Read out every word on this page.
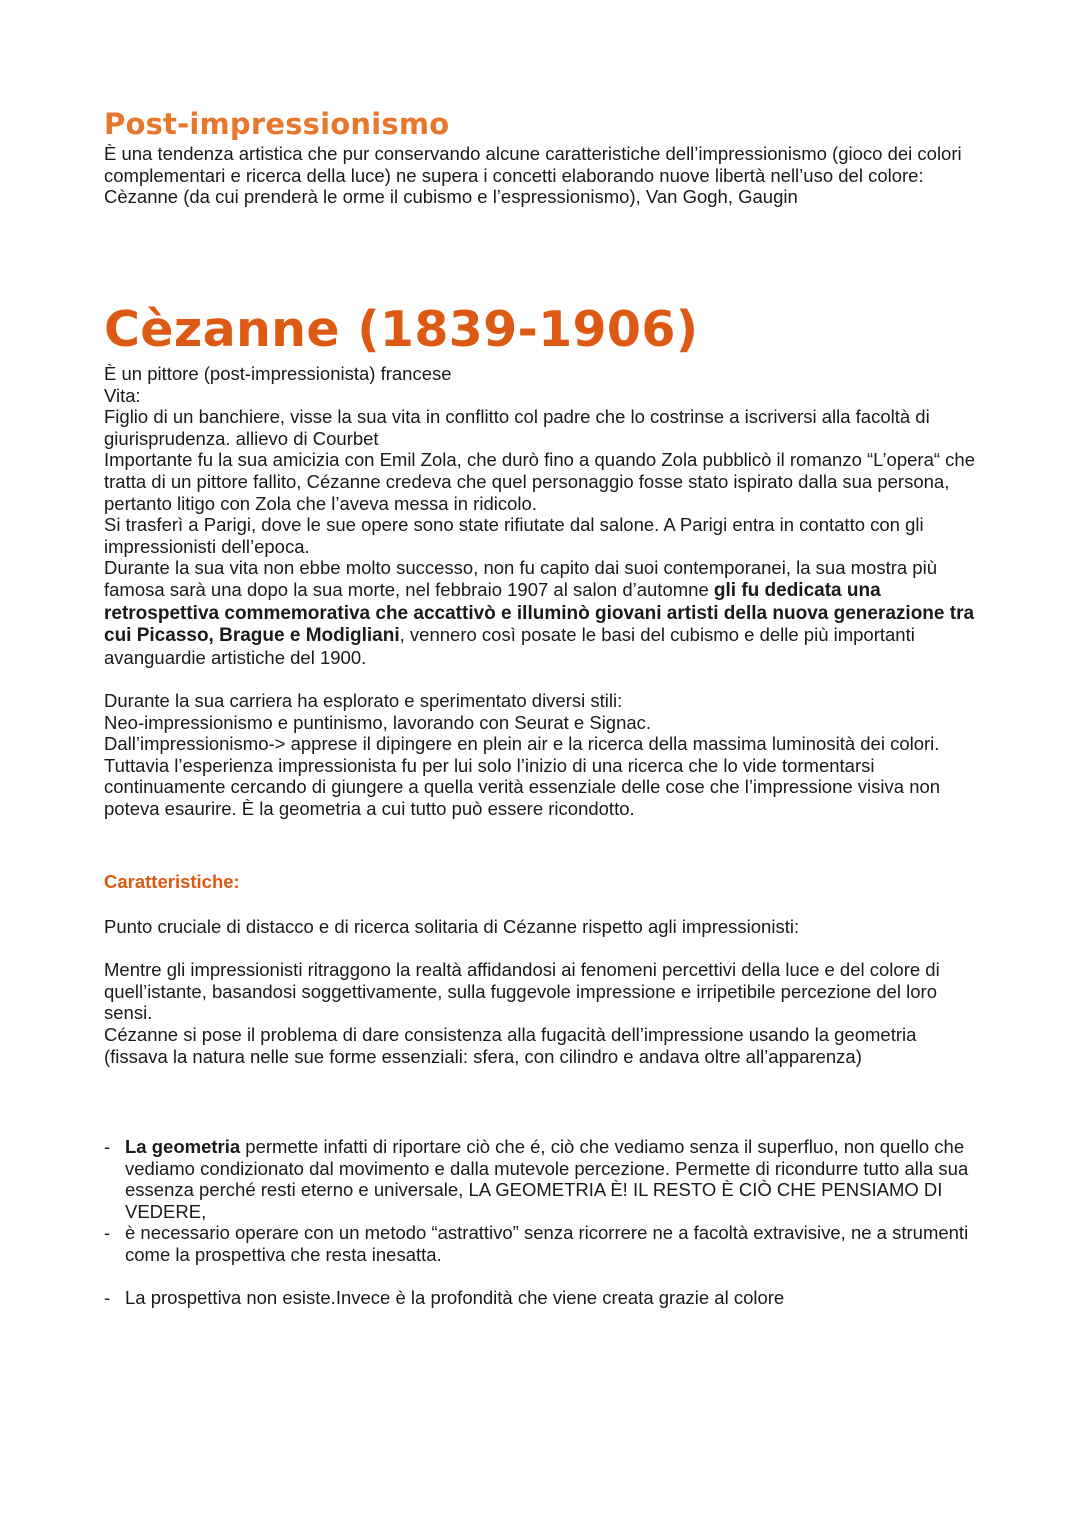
Post-impressionismo

È una tendenza artistica che pur conservando alcune caratteristiche dell’impressionismo (gioco dei colori complementari e ricerca della luce) ne supera i concetti elaborando nuove libertà nell’uso del colore: Cèzanne (da cui prenderà le orme il cubismo e l’espressionismo), Van Gogh, Gaugin

Cèzanne (1839-1906)

È un pittore (post-impressionista) francese

Vita:

Figlio di un banchiere, visse la sua vita in conflitto col padre che lo costrinse a iscriversi alla facoltà di giurisprudenza. allievo di Courbet

Importante fu la sua amicizia con Emil Zola, che durò fino a quando Zola pubblicò il romanzo “L’opera“ che tratta di un pittore fallito, Cézanne credeva che quel personaggio fosse stato ispirato dalla sua persona, pertanto litigo con Zola che l’aveva messa in ridicolo.

Si trasferì a Parigi, dove le sue opere sono state rifiutate dal salone. A Parigi entra in contatto con gli impressionisti dell’epoca.

Durante la sua vita non ebbe molto successo, non fu capito dai suoi contemporanei, la sua mostra più famosa sarà una dopo la sua morte, nel febbraio 1907 al salon d’automne gli fu dedicata una retrospettiva commemorativa che accattivò e illuminò giovani artisti della nuova generazione tra cui Picasso, Brague e Modigliani, vennero così posate le basi del cubismo e delle più importanti avanguardie artistiche del 1900.

Durante la sua carriera ha esplorato e sperimentato diversi stili:

Neo-impressionismo e puntinismo, lavorando con Seurat e Signac.

Dall’impressionismo-> apprese il dipingere en plein air e la ricerca della massima luminosità dei colori.

Tuttavia l’esperienza impressionista fu per lui solo l’inizio di una ricerca che lo vide tormentarsi continuamente cercando di giungere a quella verità essenziale delle cose che l’impressione visiva non poteva esaurire. È la geometria a cui tutto può essere ricondotto.

Caratteristiche:

Punto cruciale di distacco e di ricerca solitaria di Cézanne rispetto agli impressionisti:

Mentre gli impressionisti ritraggono la realtà affidandosi ai fenomeni percettivi della luce e del colore di quell’istante, basandosi soggettivamente, sulla fuggevole impressione e irripetibile percezione del loro sensi.

Cézanne si pose il problema di dare consistenza alla fugacità dell’impressione usando la geometria (fissava la natura nelle sue forme essenziali: sfera, con cilindro e andava oltre all’apparenza)

- La geometria permette infatti di riportare ciò che é, ciò che vediamo senza il superfluo, non quello che vediamo condizionato dal movimento e dalla mutevole percezione. Permette di ricondurre tutto alla sua essenza perché resti eterno e universale, LA GEOMETRIA È! IL RESTO È CIÒ CHE PENSIAMO DI VEDERE,
- è necessario operare con un metodo “astrattivo” senza ricorrere ne a facoltà extravisive, ne a strumenti come la prospettiva che resta inesatta.
- La prospettiva non esiste.Invece è la profondità che viene creata grazie al colore
